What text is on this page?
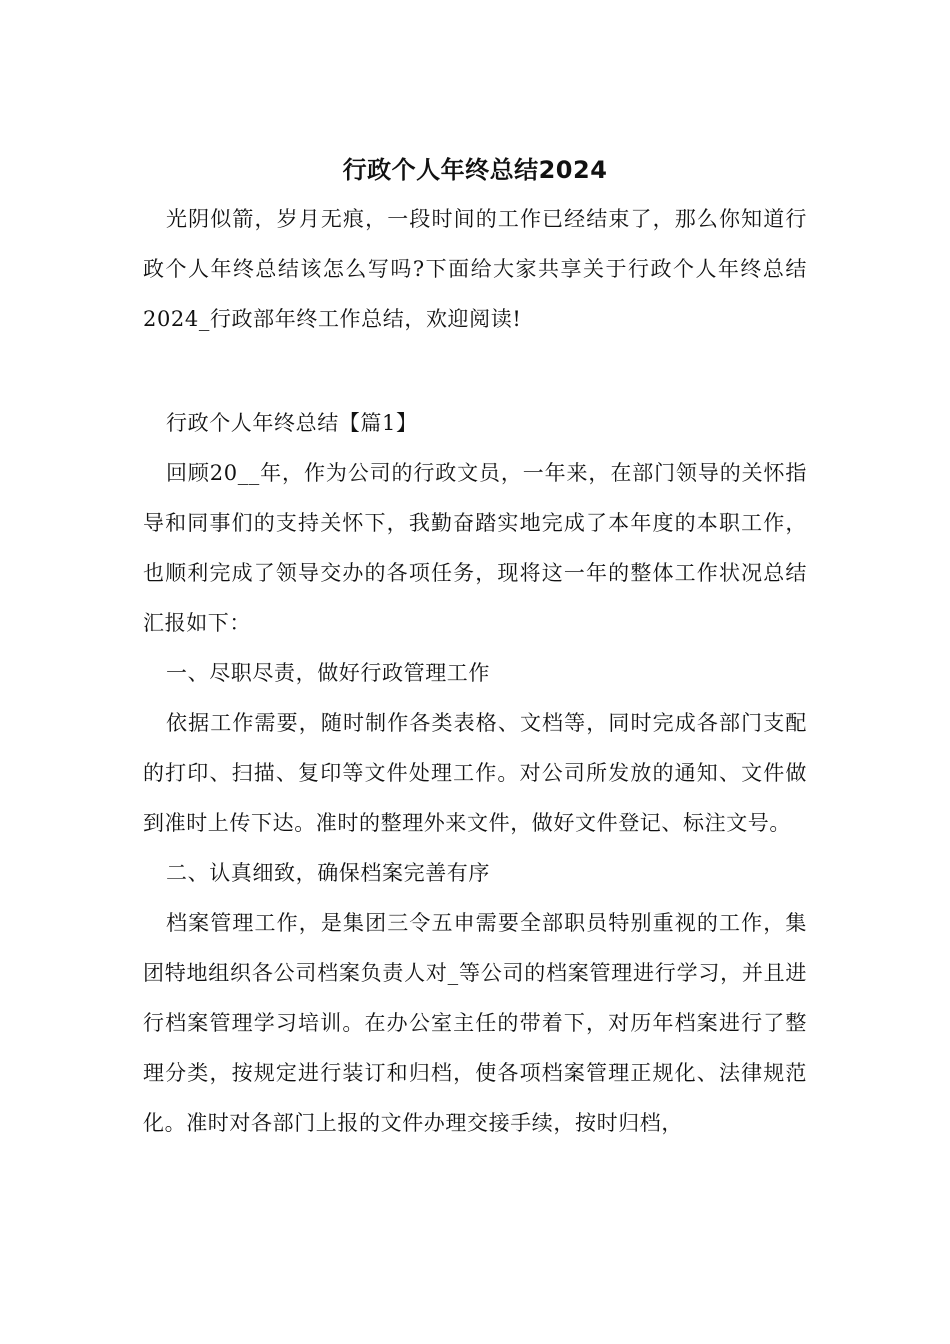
行政个人年终总结2024

光阴似箭，岁月无痕，一段时间的工作已经结束了，那么你知道行政个人年终总结该怎么写吗?下面给大家共享关于行政个人年终总结2024_行政部年终工作总结，欢迎阅读!

行政个人年终总结【篇1】

回顾20__年，作为公司的行政文员，一年来，在部门领导的关怀指导和同事们的支持关怀下，我勤奋踏实地完成了本年度的本职工作，也顺利完成了领导交办的各项任务，现将这一年的整体工作状况总结汇报如下：

一、尽职尽责，做好行政管理工作

依据工作需要，随时制作各类表格、文档等，同时完成各部门支配的打印、扫描、复印等文件处理工作。对公司所发放的通知、文件做到准时上传下达。准时的整理外来文件，做好文件登记、标注文号。

二、认真细致，确保档案完善有序

档案管理工作，是集团三令五申需要全部职员特别重视的工作，集团特地组织各公司档案负责人对_等公司的档案管理进行学习，并且进行档案管理学习培训。在办公室主任的带着下，对历年档案进行了整理分类，按规定进行装订和归档，使各项档案管理正规化、法律规范化。准时对各部门上报的文件办理交接手续，按时归档，
